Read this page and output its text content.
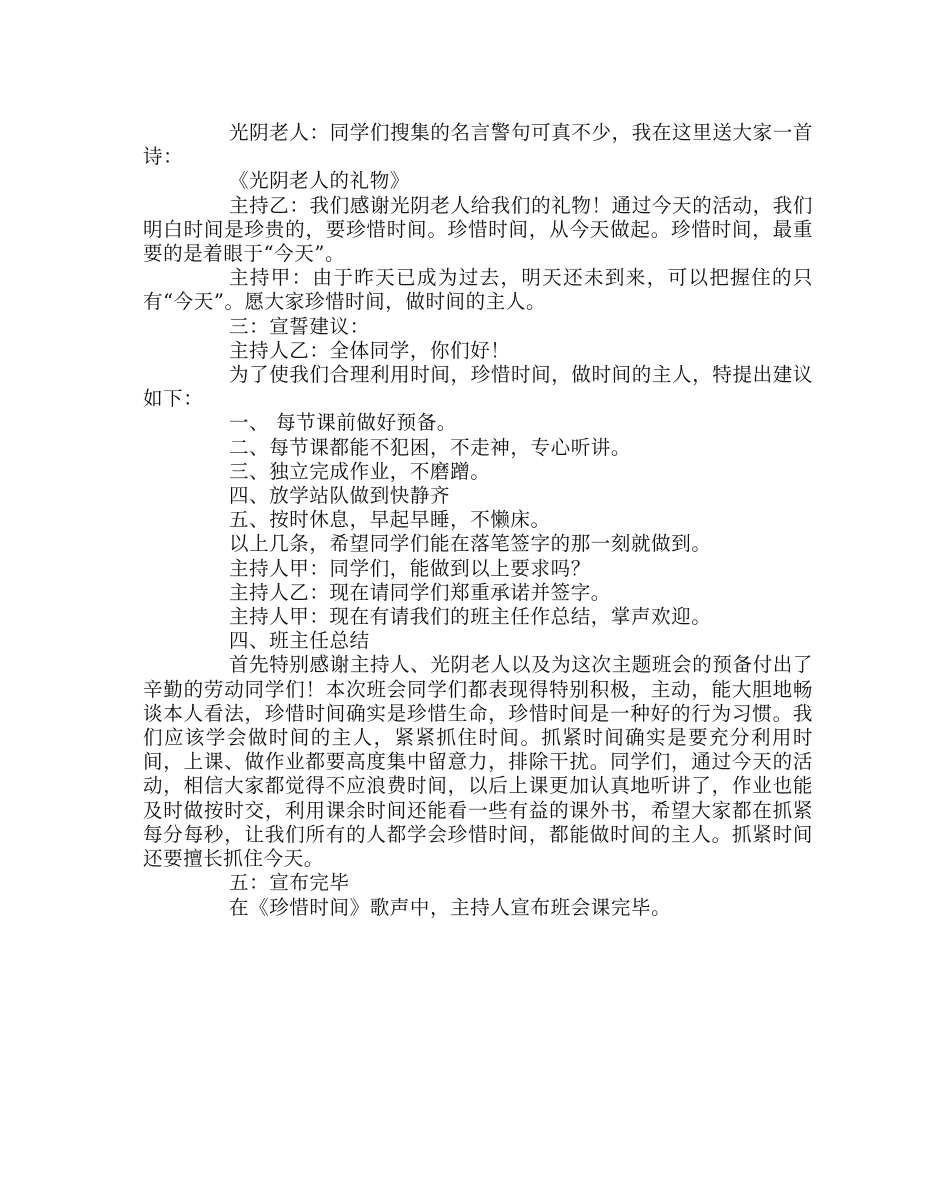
光阴老人：同学们搜集的名言警句可真不少，我在这里送大家一首诗：

《光阴老人的礼物》

主持乙：我们感谢光阴老人给我们的礼物！通过今天的活动，我们明白时间是珍贵的，要珍惜时间。珍惜时间，从今天做起。珍惜时间，最重要的是着眼于“今天”。

主持甲：由于昨天已成为过去，明天还未到来，可以把握住的只有“今天”。愿大家珍惜时间，做时间的主人。

三：宣誓建议：

主持人乙：全体同学，你们好！

为了使我们合理利用时间，珍惜时间，做时间的主人，特提出建议如下：

一、 每节课前做好预备。

二、每节课都能不犯困，不走神，专心听讲。

三、独立完成作业，不磨蹭。

四、放学站队做到快静齐

五、按时休息，早起早睡，不懒床。

以上几条，希望同学们能在落笔签字的那一刻就做到。

主持人甲：同学们，能做到以上要求吗？

主持人乙：现在请同学们郑重承诺并签字。

主持人甲：现在有请我们的班主任作总结，掌声欢迎。

四、班主任总结

首先特别感谢主持人、光阴老人以及为这次主题班会的预备付出了辛勤的劳动同学们！本次班会同学们都表现得特别积极，主动，能大胆地畅谈本人看法，珍惜时间确实是珍惜生命，珍惜时间是一种好的行为习惯。我们应该学会做时间的主人，紧紧抓住时间。抓紧时间确实是要充分利用时间，上课、做作业都要高度集中留意力，排除干扰。同学们，通过今天的活动，相信大家都觉得不应浪费时间，以后上课更加认真地听讲了，作业也能及时做按时交，利用课余时间还能看一些有益的课外书，希望大家都在抓紧每分每秒，让我们所有的人都学会珍惜时间，都能做时间的主人。抓紧时间还要擅长抓住今天。

五：宣布完毕

在《珍惜时间》歌声中，主持人宣布班会课完毕。
